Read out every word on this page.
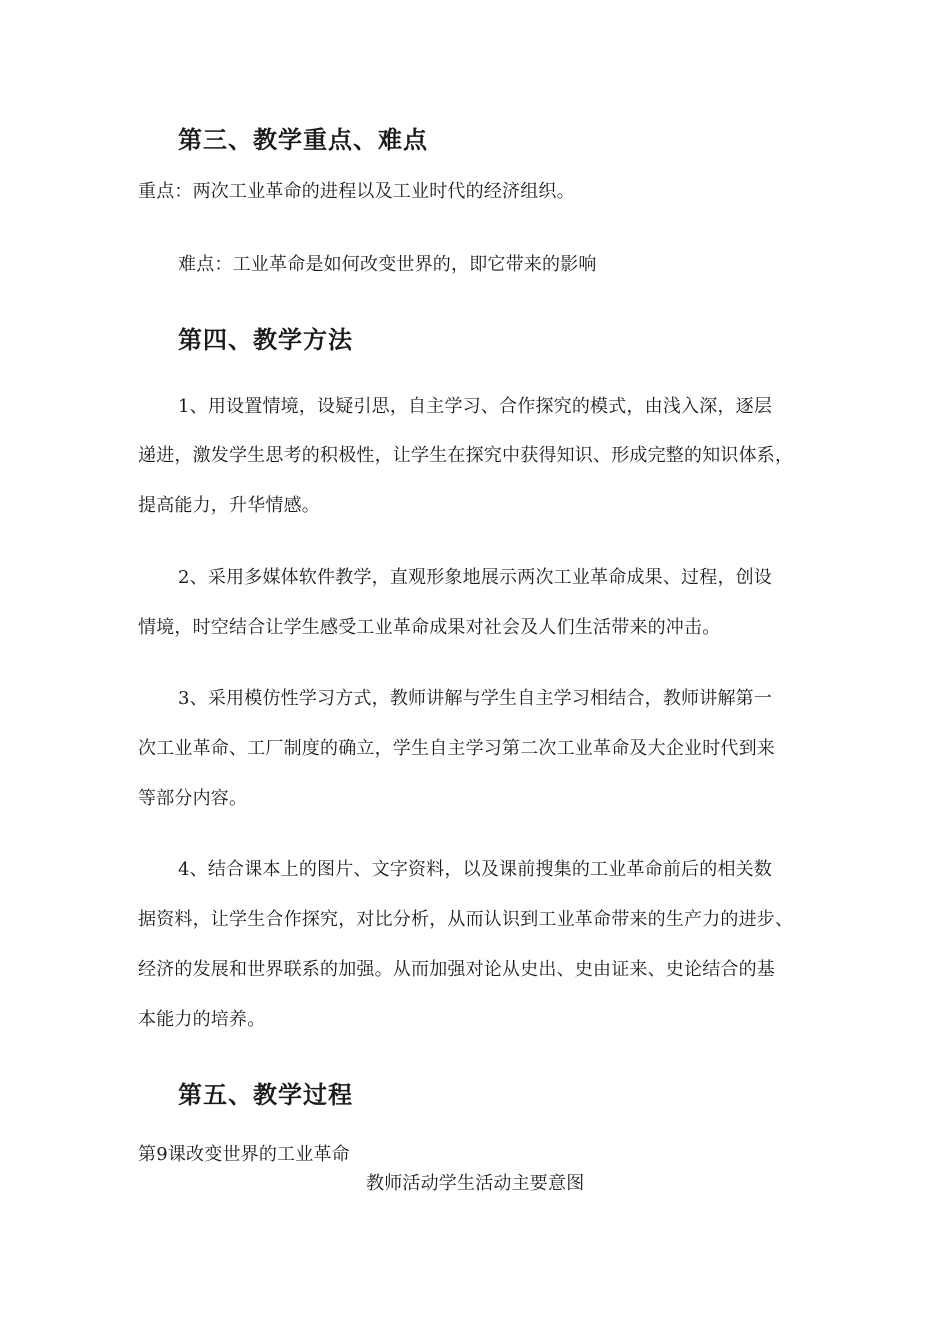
第三、教学重点、难点

重点：两次工业革命的进程以及工业时代的经济组织。

难点：工业革命是如何改变世界的，即它带来的影响

第四、教学方法

1、用设置情境，设疑引思，自主学习、合作探究的模式，由浅入深，逐层

递进，激发学生思考的积极性，让学生在探究中获得知识、形成完整的知识体系，

提高能力，升华情感。

2、采用多媒体软件教学，直观形象地展示两次工业革命成果、过程，创设

情境，时空结合让学生感受工业革命成果对社会及人们生活带来的冲击。

3、采用模仿性学习方式，教师讲解与学生自主学习相结合，教师讲解第一

次工业革命、工厂制度的确立，学生自主学习第二次工业革命及大企业时代到来

等部分内容。

4、结合课本上的图片、文字资料，以及课前搜集的工业革命前后的相关数

据资料，让学生合作探究，对比分析，从而认识到工业革命带来的生产力的进步、

经济的发展和世界联系的加强。从而加强对论从史出、史由证来、史论结合的基

本能力的培养。

第五、教学过程

第9课改变世界的工业革命

教师活动学生活动主要意图
